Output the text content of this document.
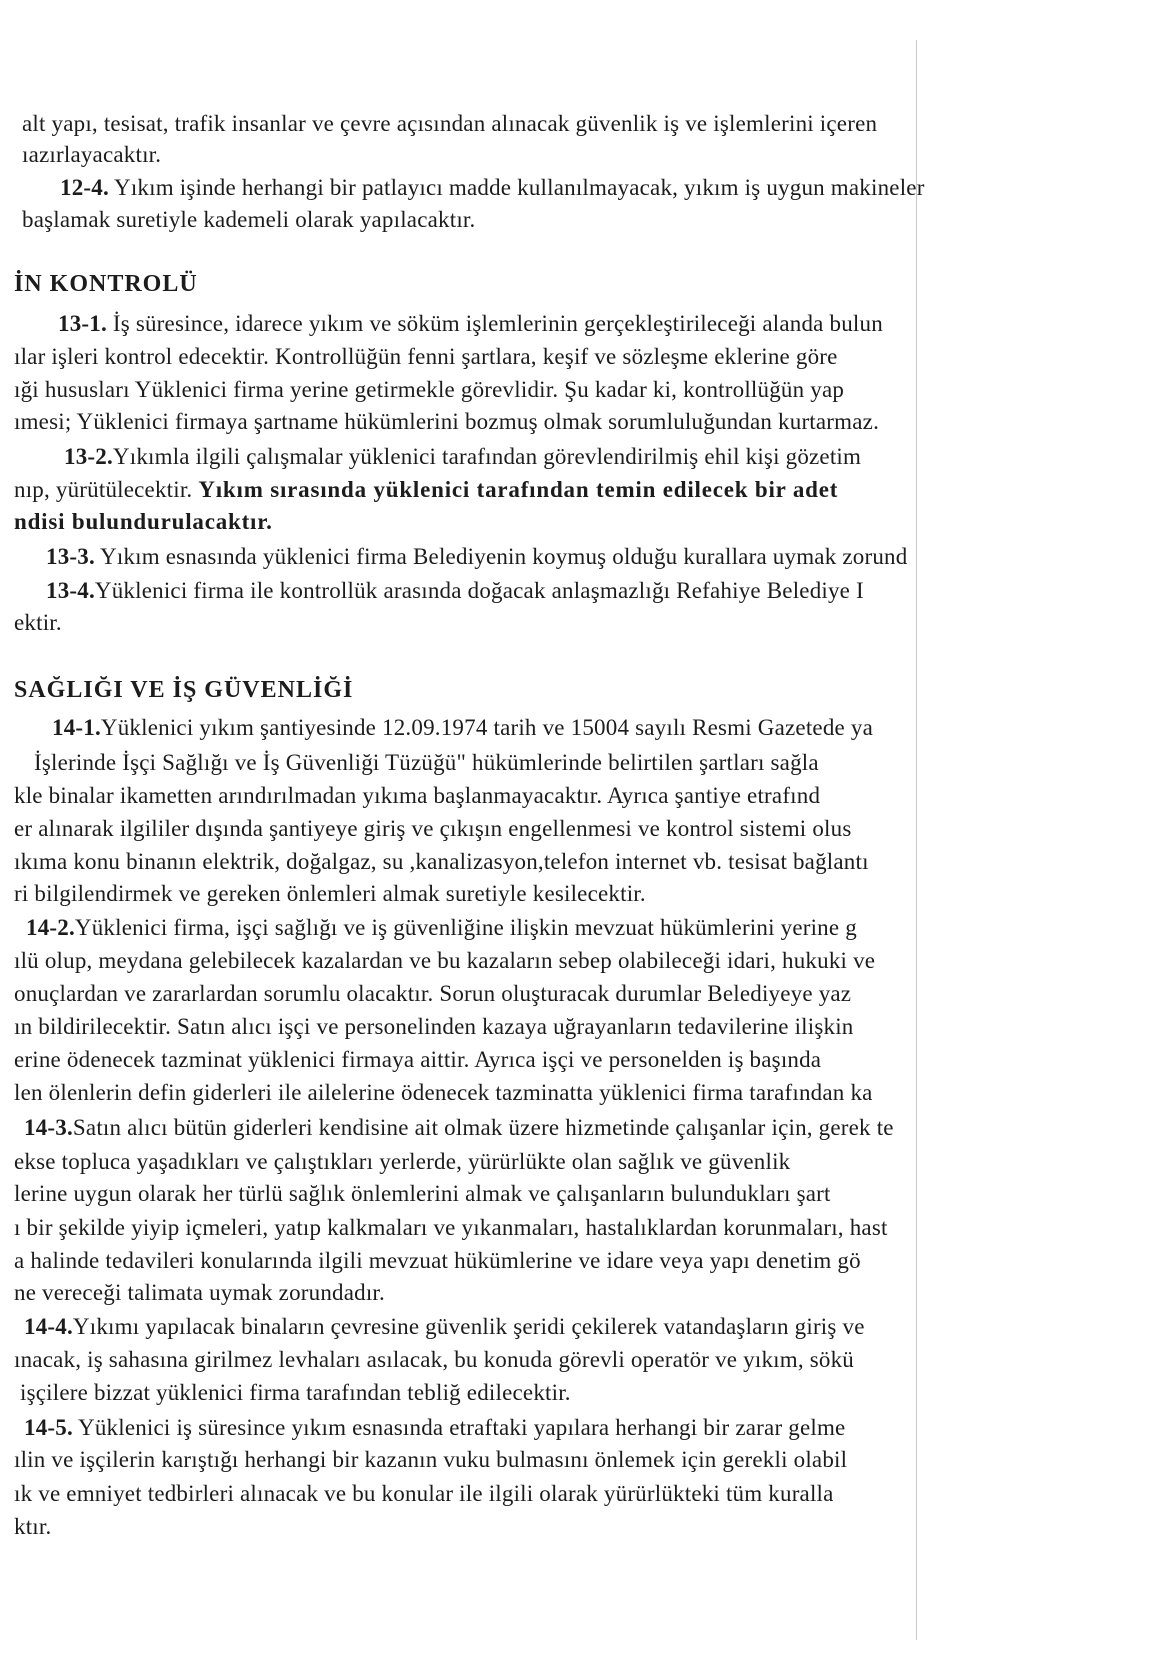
alt yapı, tesisat, trafik insanlar ve çevre açısından alınacak güvenlik iş ve işlemlerini içeren
ıazırlayacaktır.
12-4. Yıkım işinde herhangi bir patlayıcı madde kullanılmayacak, yıkım iş uygun makineler
başlamak suretiyle kademeli olarak yapılacaktır.
İN KONTROLÜ
13-1. İş süresince, idarece yıkım ve söküm işlemlerinin gerçekleştirileceği alanda bulun
ılar işleri kontrol edecektir. Kontrollüğün fenni şartlara, keşif ve sözleşme eklerine göre
ıği hususları Yüklenici firma yerine getirmekle görevlidir. Şu kadar ki, kontrollüğün yap
ımesi; Yüklenici firmaya şartname hükümlerini bozmuş olmak sorumluluğundan kurtarmaz.
13-2.Yıkımla ilgili çalışmalar yüklenici tarafından görevlendirilmiş ehil kişi gözetim
nıp, yürütülecektir. Yıkım sırasında yüklenici tarafından temin edilecek bir adet
ndisi bulundurulacaktır.
13-3. Yıkım esnasında yüklenici firma Belediyenin koymuş olduğu kurallara uymak zorund
13-4.Yüklenici firma ile kontrollük arasında doğacak anlaşmazlığı Refahiye Belediye I
ektir.
SAĞLIĞI VE İŞ GÜVENLİĞİ
14-1.Yüklenici yıkım şantiyesinde 12.09.1974 tarih ve 15004 sayılı Resmi Gazetede ya
İşlerinde İşçi Sağlığı ve İş Güvenliği Tüzüğü" hükümlerinde belirtilen şartları sağla
kle binalar ikametten arındırılmadan yıkıma başlanmayacaktır. Ayrıca şantiye etrafınd
er alınarak ilgililer dışında şantiyeye giriş ve çıkışın engellenmesi ve kontrol sistemi olus
ıkıma konu binanın elektrik, doğalgaz, su ,kanalizasyon,telefon internet vb. tesisat bağlantı
ri bilgilendirmek ve gereken önlemleri almak suretiyle kesilecektir.
14-2.Yüklenici firma, işçi sağlığı ve iş güvenliğine ilişkin mevzuat hükümlerini yerine g
ılü olup, meydana gelebilecek kazalardan ve bu kazaların sebep olabileceği idari, hukuki ve
onuçlardan ve zararlardan sorumlu olacaktır. Sorun oluşturacak durumlar Belediyeye yaz
ın bildirilecektir. Satın alıcı işçi ve personelinden kazaya uğrayanların tedavilerine ilişkin
erine ödenecek tazminat yüklenici firmaya aittir. Ayrıca işçi ve personelden iş başında
len ölenlerin defin giderleri ile ailelerine ödenecek tazminatta yüklenici firma tarafından ka
14-3.Satın alıcı bütün giderleri kendisine ait olmak üzere hizmetinde çalışanlar için, gerek te
ekse topluca yaşadıkları ve çalıştıkları yerlerde, yürürlükte olan sağlık ve güvenlik
lerine uygun olarak her türlü sağlık önlemlerini almak ve çalışanların bulundukları şart
ı bir şekilde yiyip içmeleri, yatıp kalkmaları ve yıkanmaları, hastalıklardan korunmaları, hast
a halinde tedavileri konularında ilgili mevzuat hükümlerine ve idare veya yapı denetim gö
ne vereceği talimata uymak zorundadır.
14-4.Yıkımı yapılacak binaların çevresine güvenlik şeridi çekilerek vatandaşların giriş ve
ınacak, iş sahasına girilmez levhaları asılacak, bu konuda görevli operatör ve yıkım, sökü
işçilere bizzat yüklenici firma tarafından tebliğ edilecektir.
14-5. Yüklenici iş süresince yıkım esnasında etraftaki yapılara herhangi bir zarar gelme
ılin ve işçilerin karıştığı herhangi bir kazanın vuku bulmasını önlemek için gerekli olabil
ık ve emniyet tedbirleri alınacak ve bu konular ile ilgili olarak yürürlükteki tüm kuralla
ktır.
